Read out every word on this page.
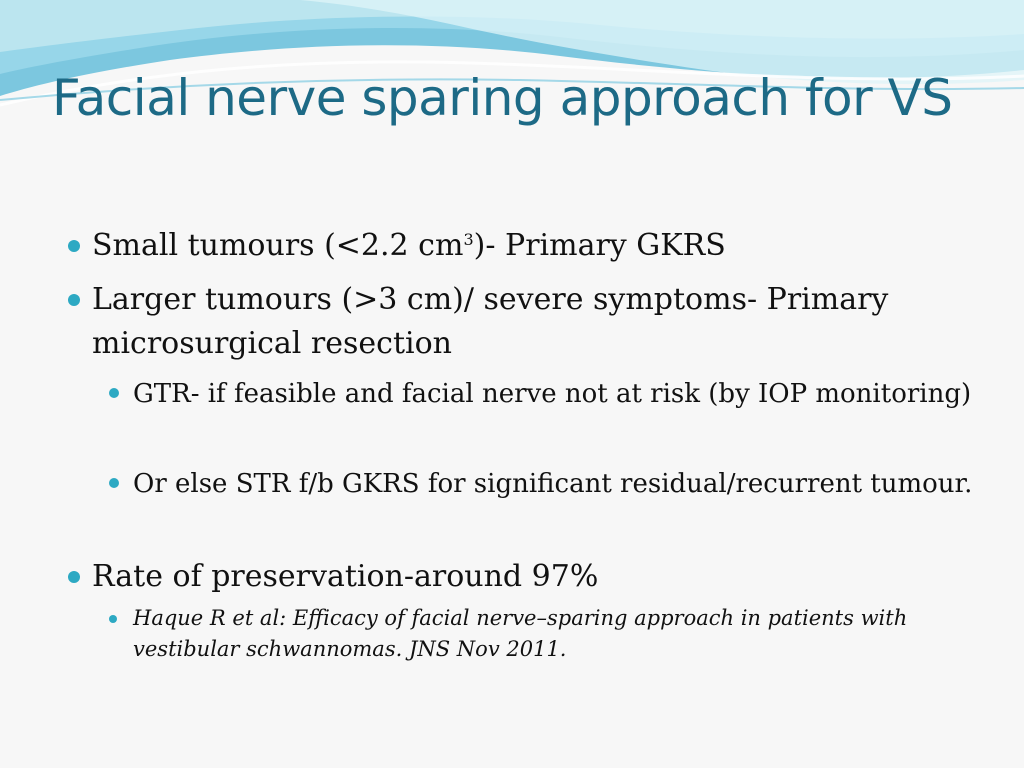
Facial nerve sparing approach for VS
Small tumours (<2.2 $cm^3)-$ Primary GKRS
Larger tumours (>3 cm)/ severe symptoms- Primary microsurgical resection
GTR- if feasible and facial nerve not at risk (by IOP monitoring)
Or else STR f/b GKRS for significant residual/recurrent tumour.
Rate of preservation-around 97%
Haque R et al: Efficacy of facial nerve–sparing approach in patients with vestibular schwannomas. JNS Nov 2011.
